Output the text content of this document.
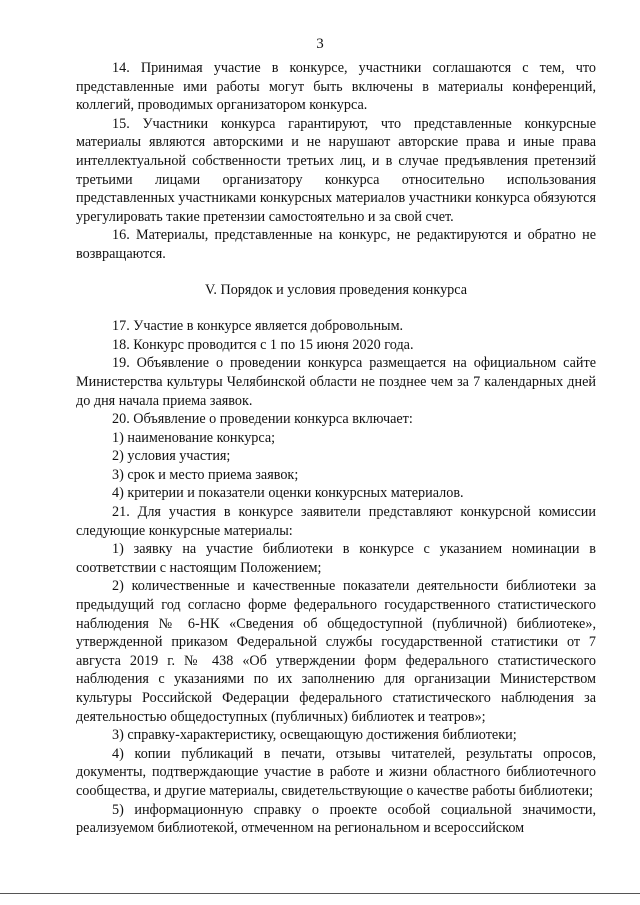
3

14. Принимая участие в конкурсе, участники соглашаются с тем, что представленные ими работы могут быть включены в материалы конференций, коллегий, проводимых организатором конкурса.

15. Участники конкурса гарантируют, что представленные конкурсные материалы являются авторскими и не нарушают авторские права и иные права интеллектуальной собственности третьих лиц, и в случае предъявления претензий третьими лицами организатору конкурса относительно использования представленных участниками конкурсных материалов участники конкурса обязуются урегулировать такие претензии самостоятельно и за свой счет.

16. Материалы, представленные на конкурс, не редактируются и обратно не возвращаются.

V. Порядок и условия проведения конкурса

17. Участие в конкурсе является добровольным.

18. Конкурс проводится с 1 по 15 июня 2020 года.

19. Объявление о проведении конкурса размещается на официальном сайте Министерства культуры Челябинской области не позднее чем за 7 календарных дней до дня начала приема заявок.

20. Объявление о проведении конкурса включает:

1) наименование конкурса;

2) условия участия;

3) срок и место приема заявок;

4) критерии и показатели оценки конкурсных материалов.

21. Для участия в конкурсе заявители представляют конкурсной комиссии следующие конкурсные материалы:

1) заявку на участие библиотеки в конкурсе с указанием номинации в соответствии с настоящим Положением;

2) количественные и качественные показатели деятельности библиотеки за предыдущий год согласно форме федерального государственного статистического наблюдения № 6-НК «Сведения об общедоступной (публичной) библиотеке», утвержденной приказом Федеральной службы государственной статистики от 7 августа 2019 г. № 438 «Об утверждении форм федерального статистического наблюдения с указаниями по их заполнению для организации Министерством культуры Российской Федерации федерального статистического наблюдения за деятельностью общедоступных (публичных) библиотек и театров»;

3) справку-характеристику, освещающую достижения библиотеки;

4) копии публикаций в печати, отзывы читателей, результаты опросов, документы, подтверждающие участие в работе и жизни областного библиотечного сообщества, и другие материалы, свидетельствующие о качестве работы библиотеки;

5) информационную справку о проекте особой социальной значимости, реализуемом библиотекой, отмеченном на региональном и всероссийском
